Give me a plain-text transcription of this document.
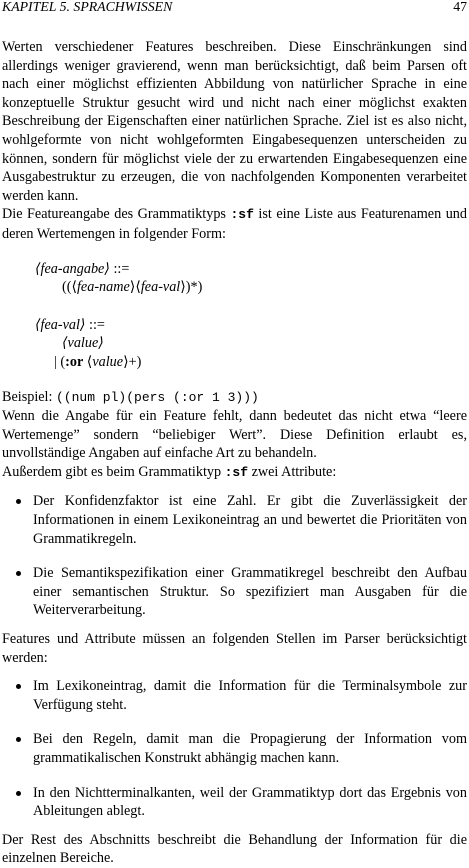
KAPITEL 5. SPRACHWISSEN	47

Werten verschiedener Features beschreiben. Diese Einschränkungen sind allerdings weniger gravierend, wenn man berücksichtigt, daß beim Parsen oft nach einer möglichst effizienten Abbildung von natürlicher Sprache in eine konzeptuelle Struktur gesucht wird und nicht nach einer möglichst exakten Beschreibung der Eigenschaften einer natürlichen Sprache. Ziel ist es also nicht, wohlgeformte von nicht wohlgeformten Eingabesequenzen unterscheiden zu können, sondern für möglichst viele der zu erwartenden Eingabesequenzen eine Ausgabestruktur zu erzeugen, die von nachfolgenden Komponenten verarbeitet werden kann.

Die Featureangabe des Grammatiktyps :sf ist eine Liste aus Featurenamen und deren Wertemengen in folgender Form:

⟨fea-angabe⟩ ::=
((⟨fea-name⟩⟨fea-val⟩)*)
⟨fea-val⟩ ::=
⟨value⟩
| (:or ⟨value⟩+)

Beispiel: ((num pl)(pers (:or 1 3)))

Wenn die Angabe für ein Feature fehlt, dann bedeutet das nicht etwa “leere Wertemenge” sondern “beliebiger Wert”. Diese Definition erlaubt es, unvollständige Angaben auf einfache Art zu behandeln.

Außerdem gibt es beim Grammatiktyp :sf zwei Attribute:

Der Konfidenzfaktor ist eine Zahl. Er gibt die Zuverlässigkeit der Informationen in einem Lexikoneintrag an und bewertet die Prioritäten von Grammatikregeln.
Die Semantikspezifikation einer Grammatikregel beschreibt den Aufbau einer semantischen Struktur. So spezifiziert man Ausgaben für die Weiterverarbeitung.

Features und Attribute müssen an folgenden Stellen im Parser berücksichtigt werden:

Im Lexikoneintrag, damit die Information für die Terminalsymbole zur Verfügung steht.
Bei den Regeln, damit man die Propagierung der Information vom grammatikalischen Konstrukt abhängig machen kann.
In den Nichtterminalkanten, weil der Grammatiktyp dort das Ergebnis von Ableitungen ablegt.

Der Rest des Abschnitts beschreibt die Behandlung der Information für die einzelnen Bereiche.
